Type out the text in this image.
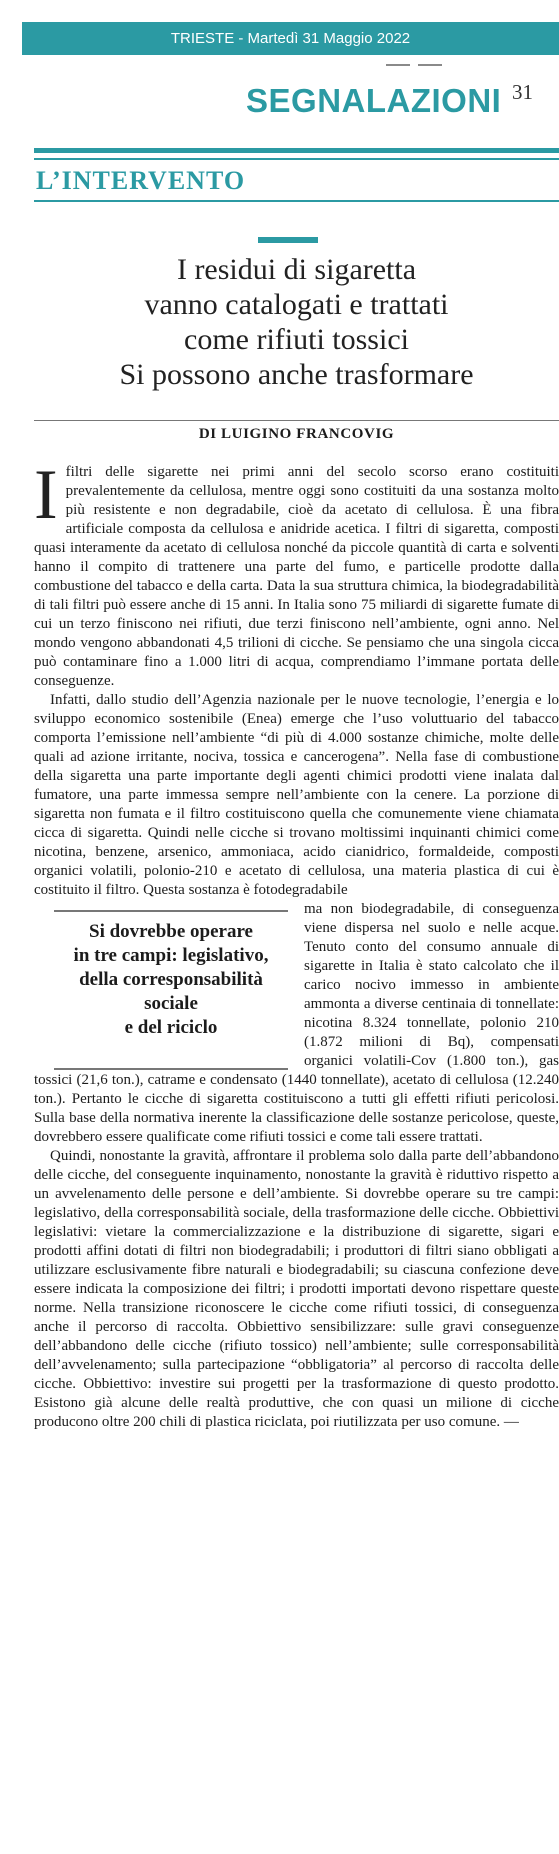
TRIESTE - Martedì 31 Maggio 2022
SEGNALAZIONI 31
L’INTERVENTO
I residui di sigaretta
vanno catalogati e trattati
come rifiuti tossici
Si possono anche trasformare
DI LUIGINO FRANCOVIG

I filtri delle sigarette nei primi anni del secolo scorso erano costituiti prevalentemente da cellulosa, mentre oggi sono costituiti da una sostanza molto più resistente e non degradabile, cioè da acetato di cellulosa. È una fibra artificiale composta da cellulosa e anidride acetica. I filtri di sigaretta, composti quasi interamente da acetato di cellulosa nonché da piccole quantità di carta e solventi hanno il compito di trattenere una parte del fumo, e particelle prodotte dalla combustione del tabacco e della carta. Data la sua struttura chimica, la biodegradabilità di tali filtri può essere anche di 15 anni. In Italia sono 75 miliardi di sigarette fumate di cui un terzo finiscono nei rifiuti, due terzi finiscono nell’ambiente, ogni anno. Nel mondo vengono abbandonati 4,5 trilioni di cicche. Se pensiamo che una singola cicca può contaminare fino a 1.000 litri di acqua, comprendiamo l’immane portata delle conseguenze.

Infatti, dallo studio dell’Agenzia nazionale per le nuove tecnologie, l’energia e lo sviluppo economico sostenibile (Enea) emerge che l’uso voluttuario del tabacco comporta l’emissione nell’ambiente “di più di 4.000 sostanze chimiche, molte delle quali ad azione irritante, nociva, tossica e cancerogena”. Nella fase di combustione della sigaretta una parte importante degli agenti chimici prodotti viene inalata dal fumatore, una parte immessa sempre nell’ambiente con la cenere. La porzione di sigaretta non fumata e il filtro costituiscono quella che comunemente viene chiamata cicca di sigaretta. Quindi nelle cicche si trovano moltissimi inquinanti chimici come nicotina, benzene, arsenico, ammoniaca, acido cianidrico, formaldeide, composti organici volatili, polonio-210 e acetato di cellulosa, una materia plastica di cui è costituito il filtro. Questa sostanza è fotodegradabile

Si dovrebbe operare
in tre campi: legislativo,
della corresponsabilità
sociale
e del riciclo

ma non biodegradabile, di conseguenza viene dispersa nel suolo e nelle acque. Tenuto conto del consumo annuale di sigarette in Italia è stato calcolato che il carico nocivo immesso in ambiente ammonta a diverse centinaia di tonnellate: nicotina 8.324 tonnellate, polonio 210 (1.872 milioni di Bq), compensati organici volatili-Cov (1.800 ton.), gas tossici (21,6 ton.), catrame e condensato (1440 tonnellate), acetato di cellulosa (12.240 ton.). Pertanto le cicche di sigaretta costituiscono a tutti gli effetti rifiuti pericolosi. Sulla base della normativa inerente la classificazione delle sostanze pericolose, queste, dovrebbero essere qualificate come rifiuti tossici e come tali essere trattati.

Quindi, nonostante la gravità, affrontare il problema solo dalla parte dell’abbandono delle cicche, del conseguente inquinamento, nonostante la gravità è riduttivo rispetto a un avvelenamento delle persone e dell’ambiente. Si dovrebbe operare su tre campi: legislativo, della corresponsabilità sociale, della trasformazione delle cicche. Obbiettivi legislativi: vietare la commercializzazione e la distribuzione di sigarette, sigari e prodotti affini dotati di filtri non biodegradabili; i produttori di filtri siano obbligati a utilizzare esclusivamente fibre naturali e biodegradabili; su ciascuna confezione deve essere indicata la composizione dei filtri; i prodotti importati devono rispettare queste norme. Nella transizione riconoscere le cicche come rifiuti tossici, di conseguenza anche il percorso di raccolta. Obbiettivo sensibilizzare: sulle gravi conseguenze dell’abbandono delle cicche (rifiuto tossico) nell’ambiente; sulle corresponsabilità dell’avvelenamento; sulla partecipazione “obbligatoria” al percorso di raccolta delle cicche. Obbiettivo: investire sui progetti per la trasformazione di questo prodotto. Esistono già alcune delle realtà produttive, che con quasi un milione di cicche producono oltre 200 chili di plastica riciclata, poi riutilizzata per uso comune. —
